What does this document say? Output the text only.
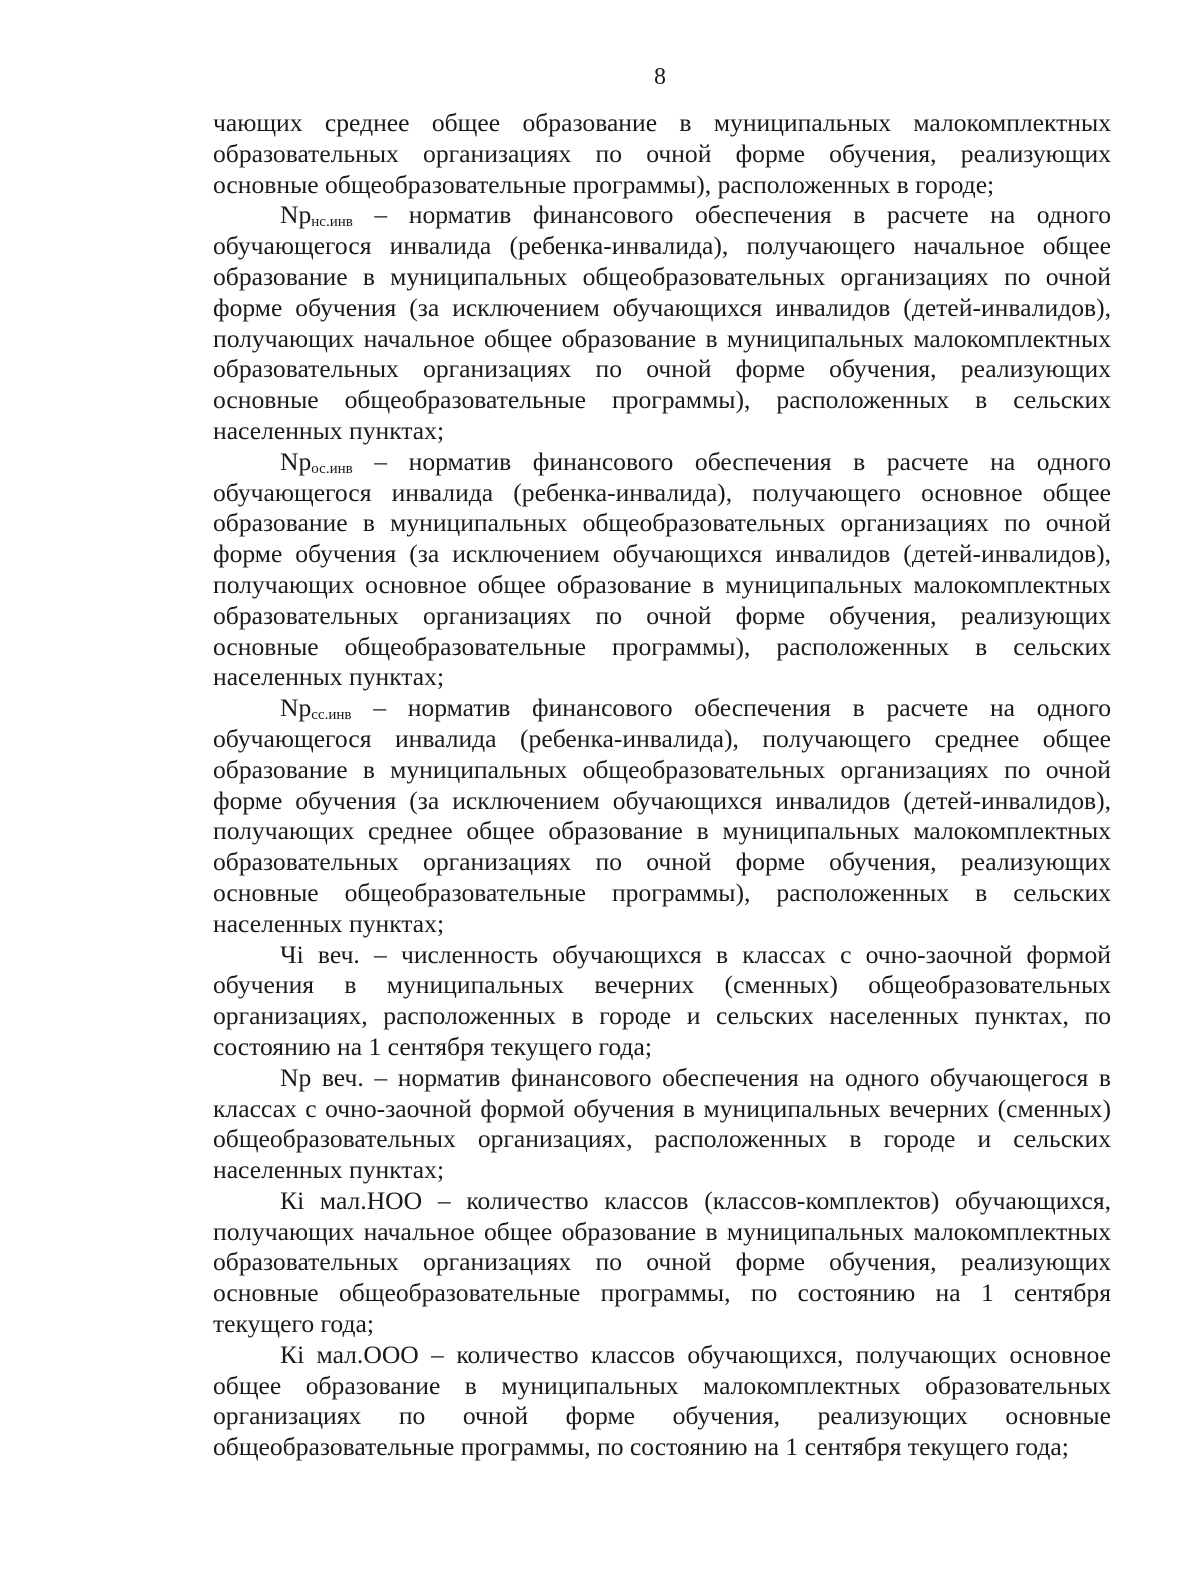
8

чающих среднее общее образование в муниципальных малокомплектных образовательных организациях по очной форме обучения, реализующих основные общеобразовательные программы), расположенных в городе;

$Np_{нс.инв}$ – норматив финансового обеспечения в расчете на одного обучающегося инвалида (ребенка-инвалида), получающего начальное общее образование в муниципальных общеобразовательных организациях по очной форме обучения (за исключением обучающихся инвалидов (детей-инвалидов), получающих начальное общее образование в муниципальных малокомплектных образовательных организациях по очной форме обучения, реализующих основные общеобразовательные программы), расположенных в сельских населенных пунктах;

$Np_{ос.инв}$ – норматив финансового обеспечения в расчете на одного обучающегося инвалида (ребенка-инвалида), получающего основное общее образование в муниципальных общеобразовательных организациях по очной форме обучения (за исключением обучающихся инвалидов (детей-инвалидов), получающих основное общее образование в муниципальных малокомплектных образовательных организациях по очной форме обучения, реализующих основные общеобразовательные программы), расположенных в сельских населенных пунктах;

$Np_{сс.инв}$ – норматив финансового обеспечения в расчете на одного обучающегося инвалида (ребенка-инвалида), получающего среднее общее образование в муниципальных общеобразовательных организациях по очной форме обучения (за исключением обучающихся инвалидов (детей-инвалидов), получающих среднее общее образование в муниципальных малокомплектных образовательных организациях по очной форме обучения, реализующих основные общеобразовательные программы), расположенных в сельских населенных пунктах;

Чi веч. – численность обучающихся в классах с очно-заочной формой обучения в муниципальных вечерних (сменных) общеобразовательных организациях, расположенных в городе и сельских населенных пунктах, по состоянию на 1 сентября текущего года;

Np веч. – норматив финансового обеспечения на одного обучающегося в классах с очно-заочной формой обучения в муниципальных вечерних (сменных) общеобразовательных организациях, расположенных в городе и сельских населенных пунктах;

Кi мал.НОО – количество классов (классов-комплектов) обучающихся, получающих начальное общее образование в муниципальных малокомплектных образовательных организациях по очной форме обучения, реализующих основные общеобразовательные программы, по состоянию на 1 сентября текущего года;

Кi мал.ООО – количество классов обучающихся, получающих основное общее образование в муниципальных малокомплектных образовательных организациях по очной форме обучения, реализующих основные общеобразовательные программы, по состоянию на 1 сентября текущего года;
